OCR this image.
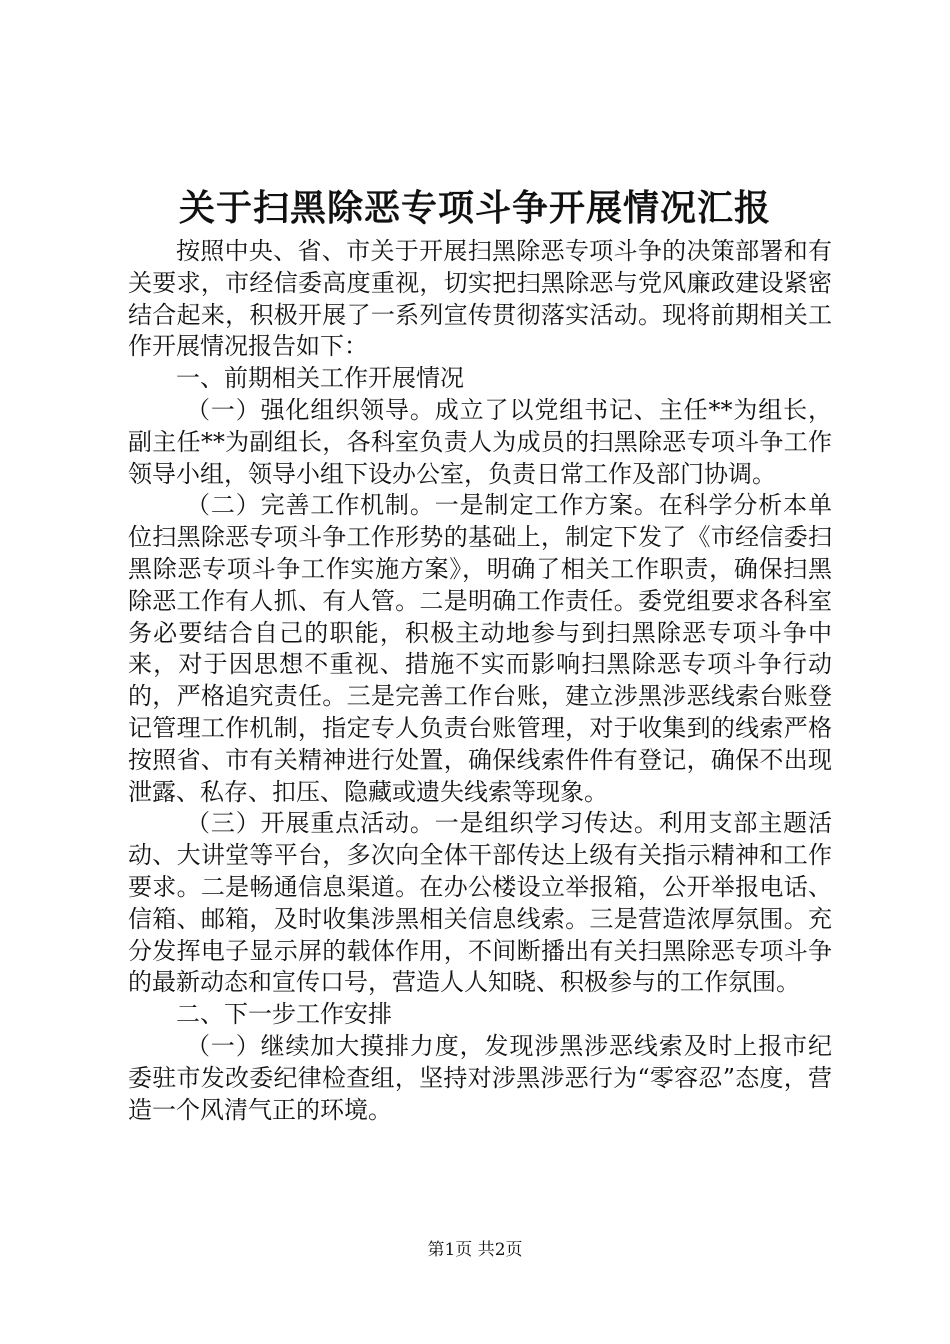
关于扫黑除恶专项斗争开展情况汇报

按照中央、省、市关于开展扫黑除恶专项斗争的决策部署和有关要求，市经信委高度重视，切实把扫黑除恶与党风廉政建设紧密结合起来，积极开展了一系列宣传贯彻落实活动。现将前期相关工作开展情况报告如下：

一、前期相关工作开展情况

（一）强化组织领导。成立了以党组书记、主任**为组长，副主任**为副组长，各科室负责人为成员的扫黑除恶专项斗争工作领导小组，领导小组下设办公室，负责日常工作及部门协调。

（二）完善工作机制。一是制定工作方案。在科学分析本单位扫黑除恶专项斗争工作形势的基础上，制定下发了《市经信委扫黑除恶专项斗争工作实施方案》，明确了相关工作职责，确保扫黑除恶工作有人抓、有人管。二是明确工作责任。委党组要求各科室务必要结合自己的职能，积极主动地参与到扫黑除恶专项斗争中来，对于因思想不重视、措施不实而影响扫黑除恶专项斗争行动的，严格追究责任。三是完善工作台账，建立涉黑涉恶线索台账登记管理工作机制，指定专人负责台账管理，对于收集到的线索严格按照省、市有关精神进行处置，确保线索件件有登记，确保不出现泄露、私存、扣压、隐藏或遗失线索等现象。

（三）开展重点活动。一是组织学习传达。利用支部主题活动、大讲堂等平台，多次向全体干部传达上级有关指示精神和工作要求。二是畅通信息渠道。在办公楼设立举报箱，公开举报电话、信箱、邮箱，及时收集涉黑相关信息线索。三是营造浓厚氛围。充分发挥电子显示屏的载体作用，不间断播出有关扫黑除恶专项斗争的最新动态和宣传口号，营造人人知晓、积极参与的工作氛围。

二、下一步工作安排

（一）继续加大摸排力度，发现涉黑涉恶线索及时上报市纪委驻市发改委纪律检查组，坚持对涉黑涉恶行为“零容忍”态度，营造一个风清气正的环境。

第1页 共2页
